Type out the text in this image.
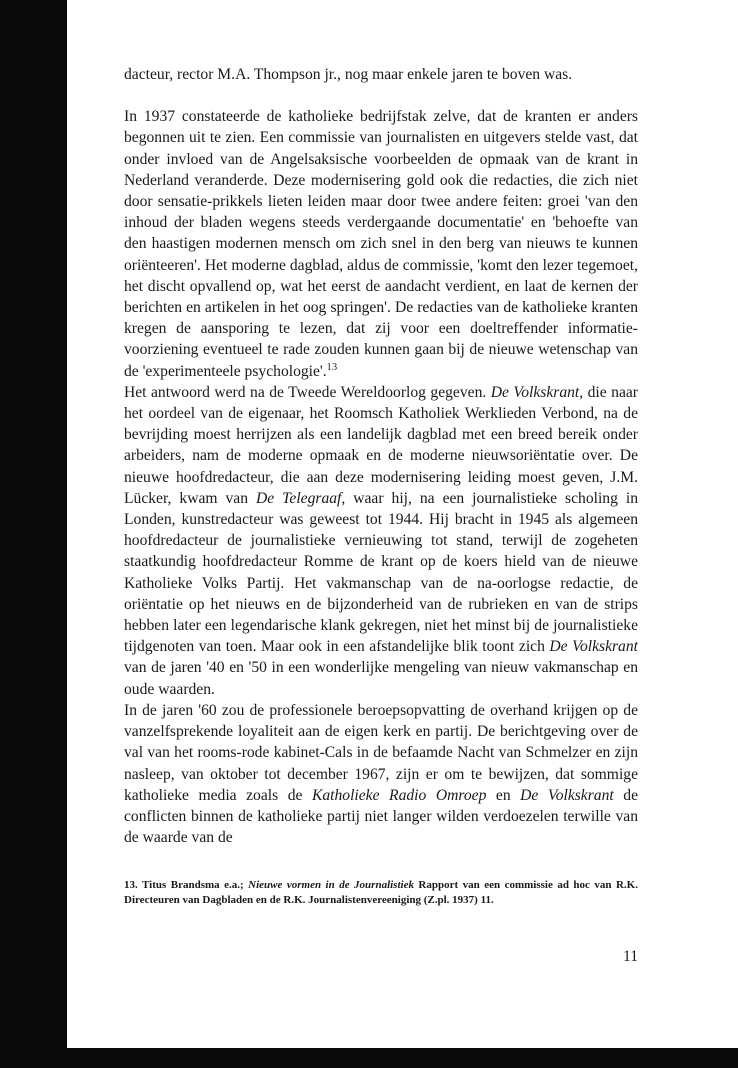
dacteur, rector M.A. Thompson jr., nog maar enkele jaren te boven was.

In 1937 constateerde de katholieke bedrijfstak zelve, dat de kranten er anders begonnen uit te zien. Een commissie van journalisten en uitgevers stelde vast, dat onder invloed van de Angelsaksische voorbeelden de opmaak van de krant in Nederland veranderde. Deze modernisering gold ook die redacties, die zich niet door sensatie-prikkels lieten leiden maar door twee andere feiten: groei 'van den inhoud der bladen wegens steeds verdergaande documentatie' en 'behoefte van den haastigen modernen mensch om zich snel in den berg van nieuws te kunnen oriënteeren'. Het moderne dagblad, aldus de commissie, 'komt den lezer tegemoet, het discht opvallend op, wat het eerst de aandacht verdient, en laat de kernen der berichten en artikelen in het oog springen'. De redacties van de katholieke kranten kregen de aansporing te lezen, dat zij voor een doeltreffender informatie-voorziening eventueel te rade zouden kunnen gaan bij de nieuwe wetenschap van de 'experimenteele psychologie'.$^{13}$

Het antwoord werd na de Tweede Wereldoorlog gegeven. De Volkskrant, die naar het oordeel van de eigenaar, het Roomsch Katholiek Werklieden Verbond, na de bevrijding moest herrijzen als een landelijk dagblad met een breed bereik onder arbeiders, nam de moderne opmaak en de moderne nieuwsoriëntatie over. De nieuwe hoofdredacteur, die aan deze modernisering leiding moest geven, J.M. Lücker, kwam van De Telegraaf, waar hij, na een journalistieke scholing in Londen, kunstredacteur was geweest tot 1944. Hij bracht in 1945 als algemeen hoofdredacteur de journalistieke vernieuwing tot stand, terwijl de zogeheten staatkundig hoofdredacteur Romme de krant op de koers hield van de nieuwe Katholieke Volks Partij. Het vakmanschap van de na-oorlogse redactie, de oriëntatie op het nieuws en de bijzonderheid van de rubrieken en van de strips hebben later een legendarische klank gekregen, niet het minst bij de journalistieke tijdgenoten van toen. Maar ook in een afstandelijke blik toont zich De Volkskrant van de jaren '40 en '50 in een wonderlijke mengeling van nieuw vakmanschap en oude waarden.

In de jaren '60 zou de professionele beroepsopvatting de overhand krijgen op de vanzelfsprekende loyaliteit aan de eigen kerk en partij. De berichtgeving over de val van het rooms-rode kabinet-Cals in de befaamde Nacht van Schmelzer en zijn nasleep, van oktober tot december 1967, zijn er om te bewijzen, dat sommige katholieke media zoals de Katholieke Radio Omroep en De Volkskrant de conflicten binnen de katholieke partij niet langer wilden verdoezelen terwille van de waarde van de

13. Titus Brandsma e.a.; Nieuwe vormen in de Journalistiek Rapport van een commissie ad hoc van R.K. Directeuren van Dagbladen en de R.K. Journalistenvereeniging (Z.pl. 1937) 11.
11
